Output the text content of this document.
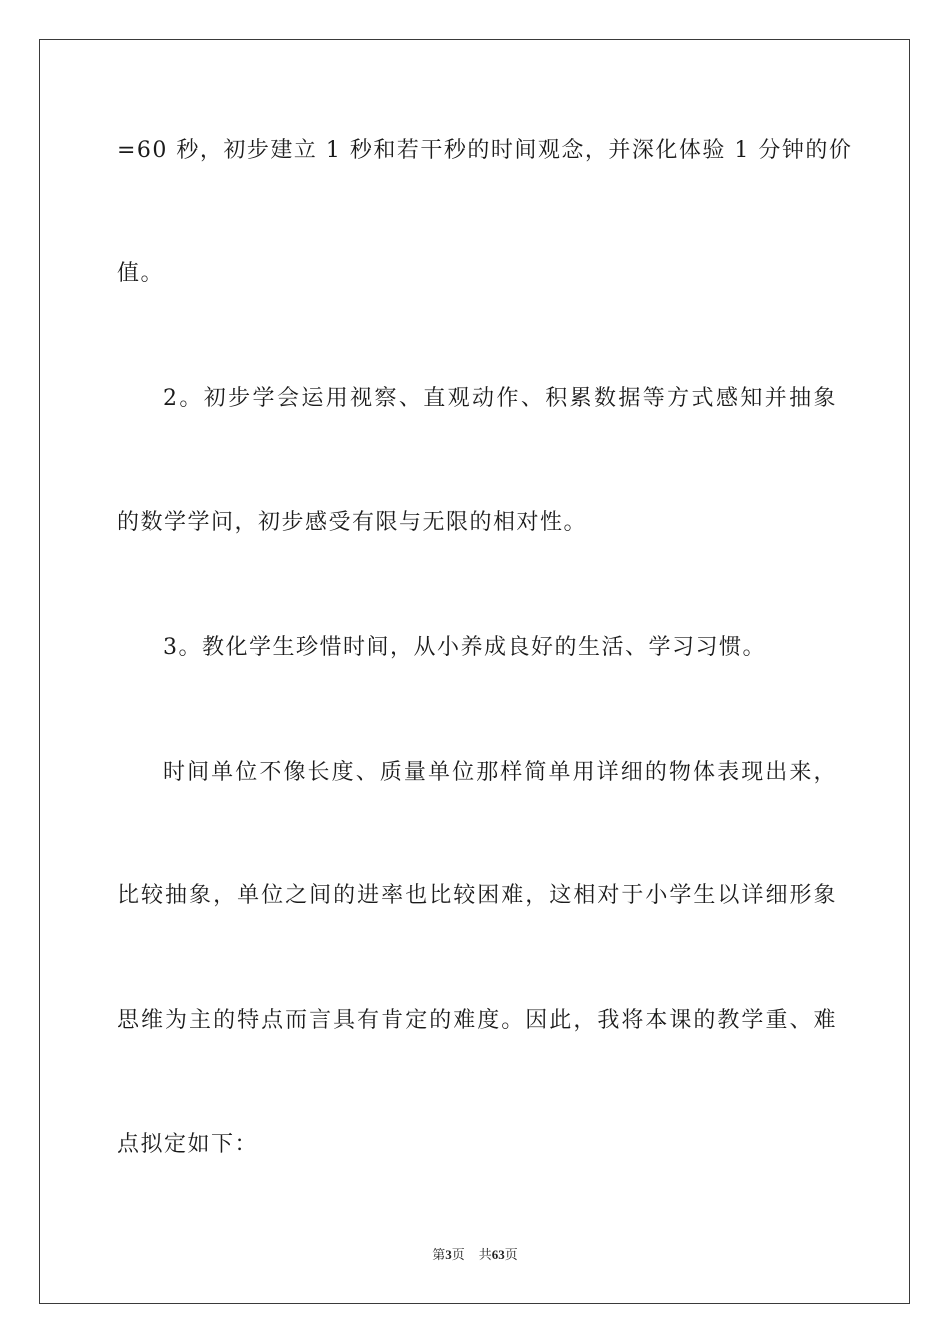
=60 秒，初步建立 1 秒和若干秒的时间观念，并深化体验 1 分钟的价
值。
2。初步学会运用视察、直观动作、积累数据等方式感知并抽象
的数学学问，初步感受有限与无限的相对性。
3。教化学生珍惜时间，从小养成良好的生活、学习习惯。
时间单位不像长度、质量单位那样简单用详细的物体表现出来，
比较抽象，单位之间的进率也比较困难，这相对于小学生以详细形象
思维为主的特点而言具有肯定的难度。因此，我将本课的教学重、难
点拟定如下：
第3页 共63页
